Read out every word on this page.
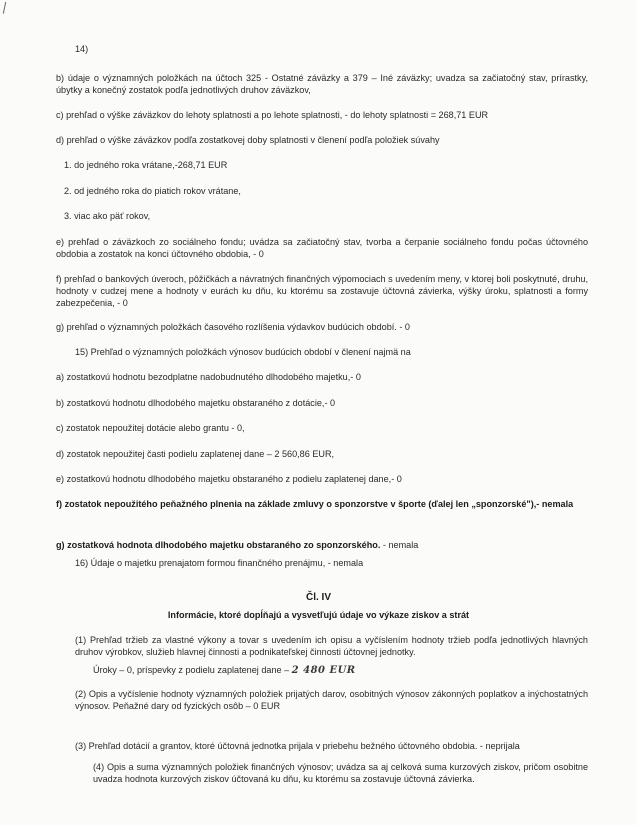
14)
b) údaje o významných položkách na účtoch 325 - Ostatné záväzky a 379 – Iné záväzky; uvadza sa začiatočný stav, prírastky, úbytky a konečný zostatok podľa jednotlivých druhov záväzkov,
c) prehľad o výške záväzkov do lehoty splatnosti a po lehote splatnosti, - do lehoty splatnosti = 268,71 EUR
d) prehľad o výške záväzkov podľa zostatkovej doby splatnosti v členení podľa položiek súvahy
1. do jedného roka vrátane,-268,71 EUR
2. od jedného roka do piatich rokov vrátane,
3. viac ako päť rokov,
e) prehľad o záväzkoch zo sociálneho fondu; uvádza sa začiatočný stav, tvorba a čerpanie sociálneho fondu počas účtovného obdobia a zostatok na konci účtovného obdobia, - 0
f) prehľad o bankových úveroch, pôžičkách a návratných finančných výpomociach s uvedením meny, v ktorej boli poskytnuté, druhu, hodnoty v cudzej mene a hodnoty v eurách ku dňu, ku ktorému sa zostavuje účtovná závierka, výšky úroku, splatnosti a formy zabezpečenia, - 0
g) prehľad o významných položkách časového rozlíšenia výdavkov budúcich období. - 0
15) Prehľad o významných položkách výnosov budúcich období v členení najmä na
a) zostatkovú hodnotu bezodplatne nadobudnutého dlhodobého majetku,- 0
b) zostatkovú hodnotu dlhodobého majetku obstaraného z dotácie,- 0
c) zostatok nepoužitej dotácie alebo grantu - 0,
d) zostatok nepoužitej časti podielu zaplatenej dane – 2 560,86 EUR,
e) zostatkovú hodnotu dlhodobého majetku obstaraného z podielu zaplatenej dane,- 0
f) zostatok nepoužitého peňažného plnenia na základe zmluvy o sponzorstve v športe (ďalej len „sponzorské"),- nemala
g) zostatková hodnota dlhodobého majetku obstaraného zo sponzorského. - nemala
16) Údaje o majetku prenajatom formou finančného prenájmu, - nemala
Čl. IV
Informácie, ktoré dopĺňajú a vysvetľujú údaje vo výkaze ziskov a strát
(1) Prehľad tržieb za vlastné výkony a tovar s uvedením ich opisu a vyčíslením hodnoty tržieb podľa jednotlivých hlavných druhov výrobkov, služieb hlavnej činnosti a podnikateľskej činnosti účtovnej jednotky.
Úroky – 0, príspevky z podielu zaplatenej dane – 2 480 EUR
(2) Opis a vyčíslenie hodnoty významných položiek prijatých darov, osobitných výnosov zákonných poplatkov a inýchostatných výnosov. Peňažné dary od fyzických osôb – 0 EUR
(3) Prehľad dotácií a grantov, ktoré účtovná jednotka prijala v priebehu bežného účtovného obdobia. - neprijala
(4) Opis a suma významných položiek finančných výnosov; uvádza sa aj celková suma kurzových ziskov, pričom osobitne uvadza hodnota kurzových ziskov účtovaná ku dňu, ku ktorému sa zostavuje účtovná závierka.
